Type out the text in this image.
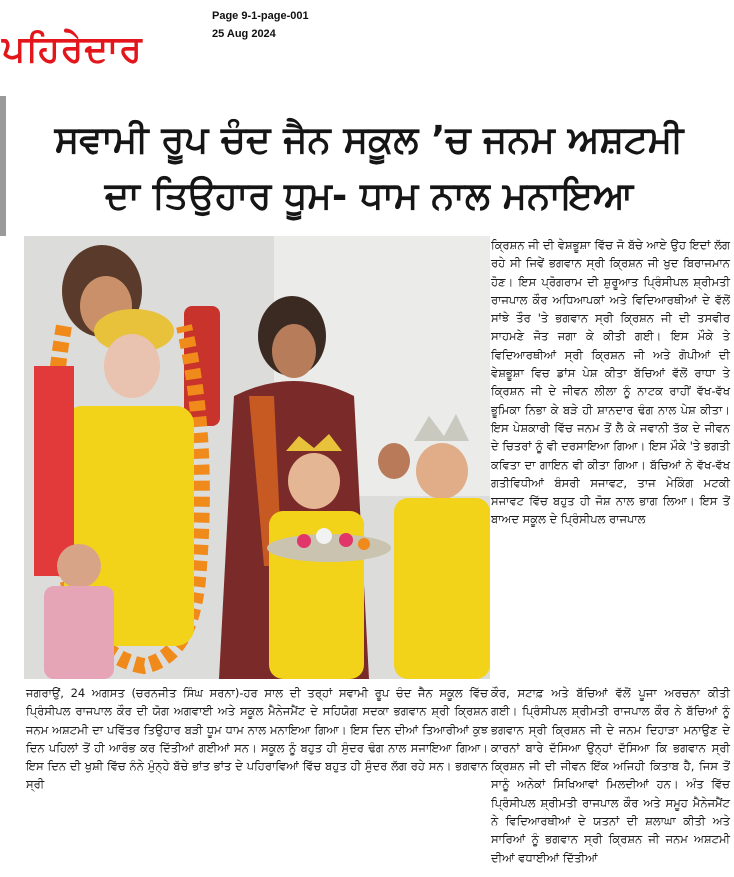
ਪਹਿਰੇਦਾਰ
Page 9-1-page-001
25 Aug 2024
ਸਵਾਮੀ ਰੂਪ ਚੰਦ ਜੈਨ ਸਕੂਲ ’ਚ ਜਨਮ ਅਸ਼ਟਮੀ
ਦਾ ਤਿਉਹਾਰ ਧੂਮ- ਧਾਮ ਨਾਲ ਮਨਾਇਆ

ਕ੍ਰਿਸ਼ਨ ਜੀ ਦੀ ਵੇਸ਼ਭੂਸ਼ਾ ਵਿੱਚ ਜੋ ਬੱਚੇ ਆਏ ਉਹ ਇਦਾਂ ਲੱਗ ਰਹੇ ਸੀ ਜਿਵੇਂ ਭਗਵਾਨ ਸ੍ਰੀ ਕ੍ਰਿਸ਼ਨ ਜੀ ਖੁਦ ਬਿਰਾਜਮਾਨ ਹੋਣ। ਇਸ ਪ੍ਰੋਗਰਾਮ ਦੀ ਸ਼ੁਰੂਆਤ ਪ੍ਰਿੰਸੀਪਲ ਸ਼੍ਰੀਮਤੀ ਰਾਜਪਾਲ ਕੌਰ ਅਧਿਆਪਕਾਂ ਅਤੇ ਵਿਦਿਆਰਥੀਆਂ ਦੇ ਵੱਲੋਂ ਸਾਂਝੇ ਤੌਰ 'ਤੇ ਭਗਵਾਨ ਸ੍ਰੀ ਕ੍ਰਿਸ਼ਨ ਜੀ ਦੀ ਤਸਵੀਰ ਸਾਹਮਣੇ ਜੋਤ ਜਗਾ ਕੇ ਕੀਤੀ ਗਈ। ਇਸ ਮੌਕੇ ਤੇ ਵਿਦਿਆਰਥੀਆਂ ਸ੍ਰੀ ਕ੍ਰਿਸ਼ਨ ਜੀ ਅਤੇ ਗੋਪੀਆਂ ਦੀ ਵੇਸ਼ਭੂਸ਼ਾ ਵਿਚ ਡਾਂਸ ਪੇਸ਼ ਕੀਤਾ ਬੱਚਿਆਂ ਵੱਲੋਂ ਰਾਧਾ ਤੇ ਕ੍ਰਿਸ਼ਨ ਜੀ ਦੇ ਜੀਵਨ ਲੀਲਾ ਨੂੰ ਨਾਟਕ ਰਾਹੀਂ ਵੱਖ-ਵੱਖ ਭੂਮਿਕਾ ਨਿਭਾ ਕੇ ਬੜੇ ਹੀ ਸ਼ਾਨਦਾਰ ਢੰਗ ਨਾਲ ਪੇਸ਼ ਕੀਤਾ। ਇਸ ਪੇਸ਼ਕਾਰੀ ਵਿੱਚ ਜਨਮ ਤੋਂ ਲੈ ਕੇ ਜਵਾਨੀ ਤੱਕ ਦੇ ਜੀਵਨ ਦੇ ਚਿਤਰਾਂ ਨੂੰ ਵੀ ਦਰਸਾਇਆ ਗਿਆ। ਇਸ ਮੌਕੇ 'ਤੇ ਭਗਤੀ ਕਵਿਤਾ ਦਾ ਗਾਇਨ ਵੀ ਕੀਤਾ ਗਿਆ। ਬੱਚਿਆਂ ਨੇ ਵੱਖ-ਵੱਖ ਗਤੀਵਿਧੀਆਂ ਬੰਸਰੀ ਸਜਾਵਟ, ਤਾਜ ਮੇਕਿੰਗ ਮਟਕੀ ਸਜਾਵਟ ਵਿੱਚ ਬਹੁਤ ਹੀ ਜੋਸ਼ ਨਾਲ ਭਾਗ ਲਿਆ। ਇਸ ਤੋਂ ਬਾਅਦ ਸਕੂਲ ਦੇ ਪ੍ਰਿੰਸੀਪਲ ਰਾਜਪਾਲ

ਜਗਰਾਉਂ, 24 ਅਗਸਤ (ਚਰਨਜੀਤ ਸਿੰਘ ਸਰਨਾ)-ਹਰ ਸਾਲ ਦੀ ਤਰ੍ਹਾਂ ਸਵਾਮੀ ਰੂਪ ਚੰਦ ਜੈਨ ਸਕੂਲ ਵਿੱਚ ਪ੍ਰਿੰਸੀਪਲ ਰਾਜਪਾਲ ਕੌਰ ਦੀ ਯੋਗ ਅਗਵਾਈ ਅਤੇ ਸਕੂਲ ਮੈਨੇਜਮੈਂਟ ਦੇ ਸਹਿਯੋਗ ਸਦਕਾ ਭਗਵਾਨ ਸ਼੍ਰੀ ਕ੍ਰਿਸ਼ਨ ਜਨਮ ਅਸ਼ਟਮੀ ਦਾ ਪਵਿੱਤਰ ਤਿਉਹਾਰ ਬੜੀ ਧੂਮ ਧਾਮ ਨਾਲ ਮਨਾਇਆ ਗਿਆ। ਇਸ ਦਿਨ ਦੀਆਂ ਤਿਆਰੀਆਂ ਕੁਝ ਦਿਨ ਪਹਿਲਾਂ ਤੋਂ ਹੀ ਆਰੰਭ ਕਰ ਦਿੱਤੀਆਂ ਗਈਆਂ ਸਨ। ਸਕੂਲ ਨੂੰ ਬਹੁਤ ਹੀ ਸੁੰਦਰ ਢੰਗ ਨਾਲ ਸਜਾਇਆ ਗਿਆ। ਇਸ ਦਿਨ ਦੀ ਖੁਸ਼ੀ ਵਿੱਚ ਨੰਨੇ ਮੁੰਨ੍ਹੇ ਬੱਚੇ ਭਾਂਤ ਭਾਂਤ ਦੇ ਪਹਿਰਾਵਿਆਂ ਵਿੱਚ ਬਹੁਤ ਹੀ ਸੁੰਦਰ ਲੱਗ ਰਹੇ ਸਨ। ਭਗਵਾਨ ਸ੍ਰੀ

ਕੌਰ, ਸਟਾਫ਼ ਅਤੇ ਬੱਚਿਆਂ ਵੱਲੋਂ ਪੂਜਾ ਅਰਚਨਾ ਕੀਤੀ ਗਈ। ਪ੍ਰਿੰਸੀਪਲ ਸ਼੍ਰੀਮਤੀ ਰਾਜਪਾਲ ਕੌਰ ਨੇ ਬੱਚਿਆਂ ਨੂੰ ਭਗਵਾਨ ਸ੍ਰੀ ਕ੍ਰਿਸ਼ਨ ਜੀ ਦੇ ਜਨਮ ਦਿਹਾੜਾ ਮਨਾਉਣ ਦੇ ਕਾਰਨਾਂ ਬਾਰੇ ਦੱਸਿਆ ਉਨ੍ਹਾਂ ਦੱਸਿਆ ਕਿ ਭਗਵਾਨ ਸ੍ਰੀ ਕ੍ਰਿਸ਼ਨ ਜੀ ਦੀ ਜੀਵਨ ਇੱਕ ਅਜਿਹੀ ਕਿਤਾਬ ਹੈ, ਜਿਸ ਤੋਂ ਸਾਨੂੰ ਅਨੇਕਾਂ ਸਿਖਿਆਵਾਂ ਮਿਲਦੀਆਂ ਹਨ। ਅੰਤ ਵਿੱਚ ਪ੍ਰਿੰਸੀਪਲ ਸ਼੍ਰੀਮਤੀ ਰਾਜਪਾਲ ਕੌਰ ਅਤੇ ਸਮੂਹ ਮੈਨੇਜਮੈਂਟ ਨੇ ਵਿਦਿਆਰਥੀਆਂ ਦੇ ਯਤਨਾਂ ਦੀ ਸ਼ਲਾਘਾ ਕੀਤੀ ਅਤੇ ਸਾਰਿਆਂ ਨੂੰ ਭਗਵਾਨ ਸ੍ਰੀ ਕ੍ਰਿਸ਼ਨ ਜੀ ਜਨਮ ਅਸ਼ਟਮੀ ਦੀਆਂ ਵਧਾਈਆਂ ਦਿੱਤੀਆਂ
